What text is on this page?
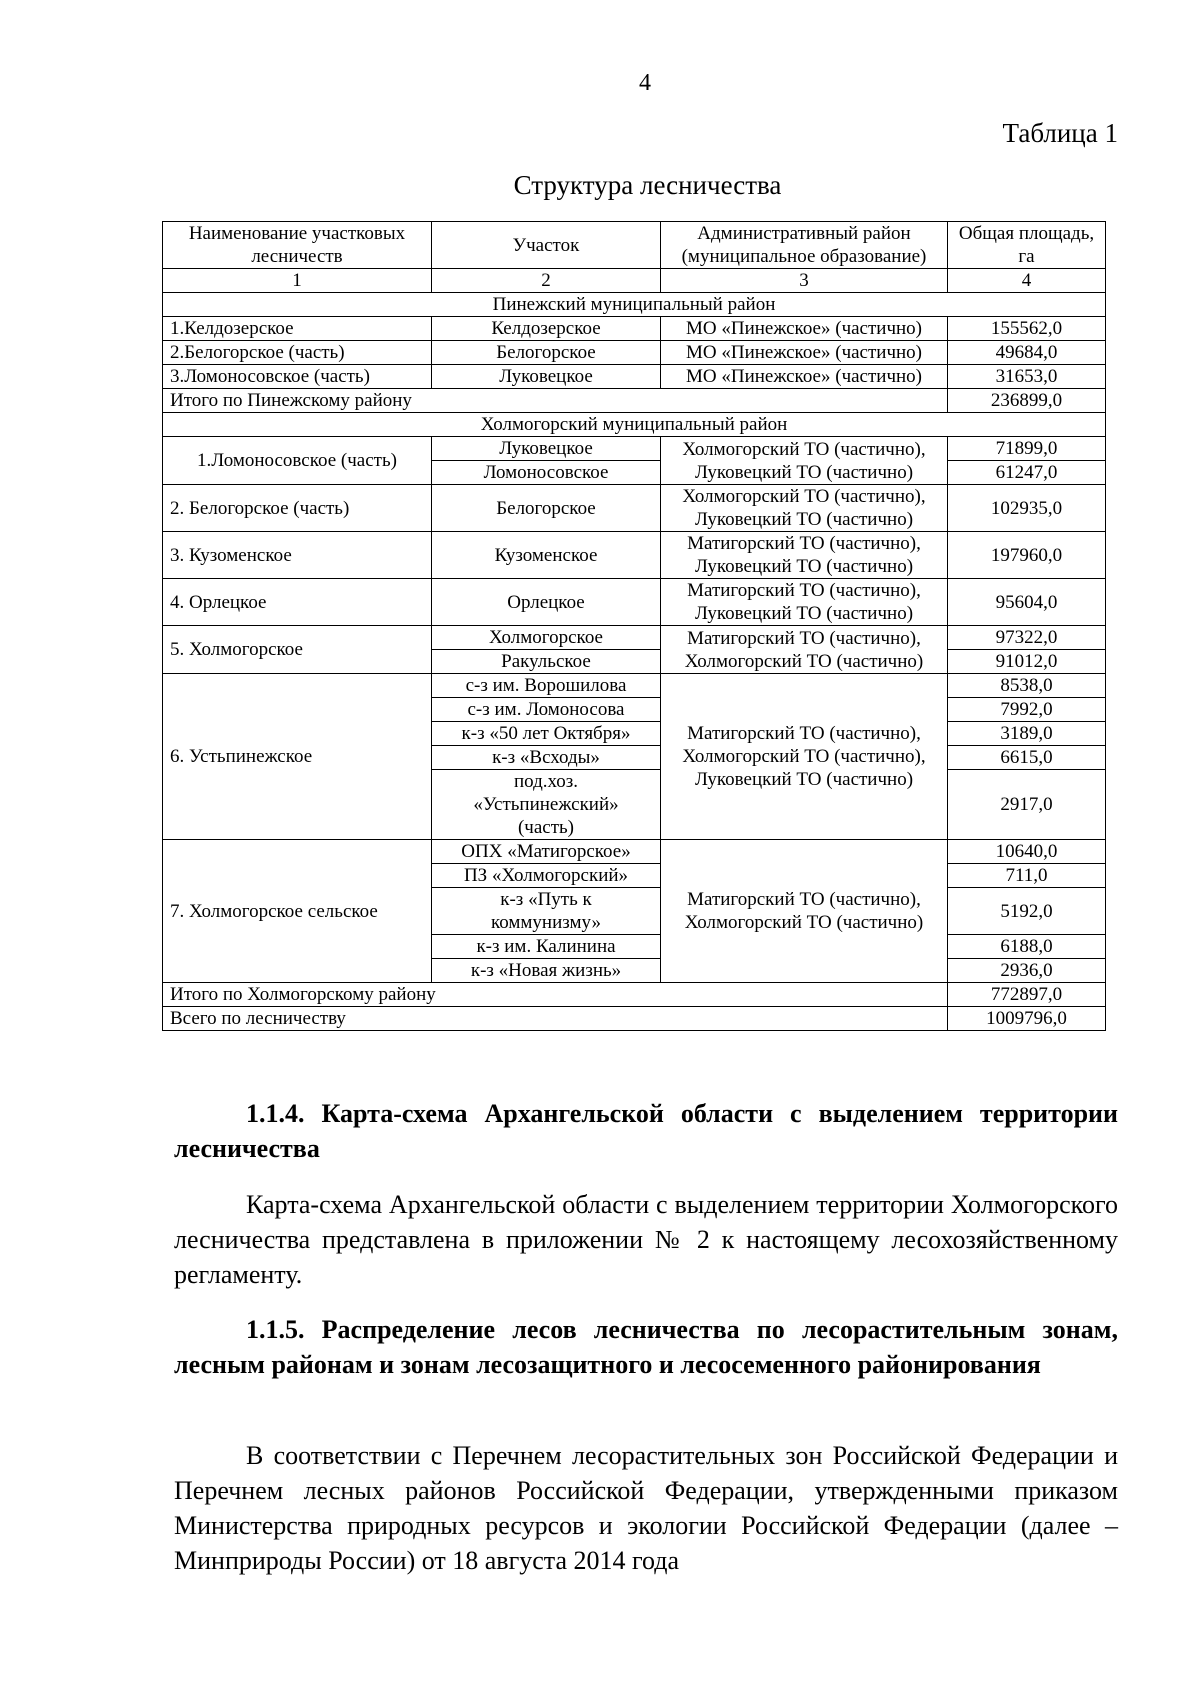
4
Таблица 1
Структура лесничества
Наименование участковых лесничеств	Участок	Административный район (муниципальное образование)	Общая площадь, га
1	2	3	4
Пинежский муниципальный район			
1.Келдозерское	Келдозерское	МО «Пинежское» (частично)	155562,0
2.Белогорское (часть)	Белогорское	МО «Пинежское» (частично)	49684,0
3.Ломоносовское (часть)	Луковецкое	МО «Пинежское» (частично)	31653,0
Итого по Пинежскому району			236899,0
Холмогорский муниципальный район			
1.Ломоносовское (часть)	Луковецкое	Холмогорский ТО (частично),
Луковецкий ТО (частично)	71899,0
	Ломоносовское		61247,0
2. Белогорское (часть)	Белогорское	Холмогорский ТО (частично),
Луковецкий ТО (частично)	102935,0
3. Кузоменское	Кузоменское	Матигорский ТО (частично),
Луковецкий ТО (частично)	197960,0
4. Орлецкое	Орлецкое	Матигорский ТО (частично),
Луковецкий ТО (частично)	95604,0
5. Холмогорское	Холмогорское	Матигорский ТО (частично),
Холмогорский ТО (частично)	97322,0
	Ракульское		91012,0
6. Устьпинежское	с-з им. Ворошилова	Матигорский ТО (частично),
Холмогорский ТО (частично),
Луковецкий ТО (частично)	8538,0
	с-з им. Ломоносова		7992,0
	к-з «50 лет Октября»		3189,0
	к-з «Всходы»		6615,0

	под.хоз.
«Устьпинежский»
(часть)		2917,0
7. Холмогорское сельское	ОПХ «Матигорское»	Матигорский ТО (частично),
Холмогорский ТО (частично)	10640,0
	ПЗ «Холмогорский»		711,0

	к-з «Путь к
коммунизму»		5192,0
	к-з им. Калинина		6188,0
	к-з «Новая жизнь»		2936,0
Итого по Холмогорскому району			772897,0
Всего по лесничеству			1009796,0
1.1.4. Карта-схема Архангельской области с выделением территории лесничества
Карта-схема Архангельской области с выделением территории Холмогорского лесничества представлена в приложении № 2 к настоящему лесохозяйственному регламенту.
1.1.5. Распределение лесов лесничества по лесорастительным зонам, лесным районам и зонам лесозащитного и лесосеменного районирования
В соответствии с Перечнем лесорастительных зон Российской Федерации и Перечнем лесных районов Российской Федерации, утвержденными приказом Министерства природных ресурсов и экологии Российской Федерации (далее – Минприроды России) от 18 августа 2014 года
